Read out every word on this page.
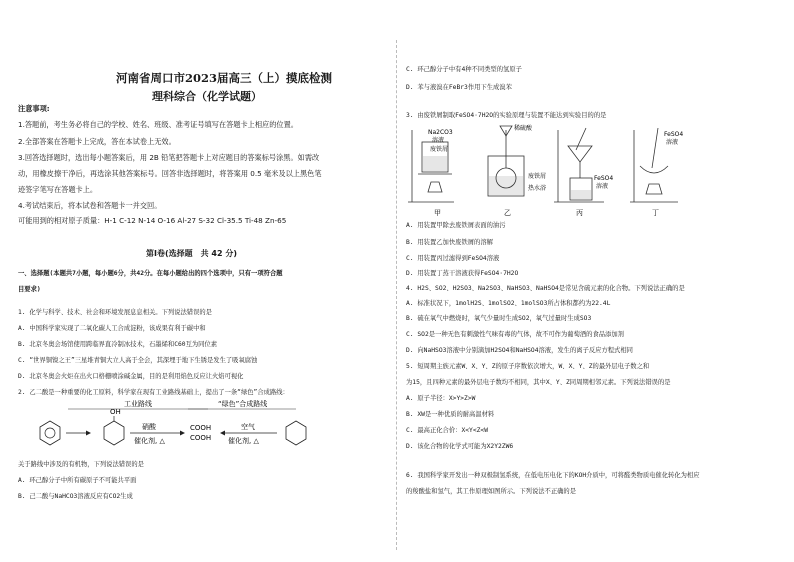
河南省周口市2023届高三（上）摸底检测
理科综合（化学试题）
注意事项:
1.答题前，考生务必将自己的学校、姓名、班级、准考证号填写在答题卡上相应的位置。
2.全部答案在答题卡上完成，答在本试卷上无效。
3.回答选择题时，选出每小题答案后，用 2B 铅笔把答题卡上对应题目的答案标号涂黑。如需改
动，用橡皮擦干净后，再选涂其他答案标号。回答非选择题时，将答案用 0.5 毫米及以上黑色笔
迹签字笔写在答题卡上。
4.考试结束后，将本试卷和答题卡一并交回。
可能用到的相对原子质量：H-1 C-12 N-14 O-16 Al-27 S-32 Cl-35.5 Ti-48 Zn-65
第Ⅰ卷(选择题　共 42 分)
一、选择题(本题共7小题，每小题6分，共42分。在每小题给出的四个选项中，只有一项符合题
目要求)
1. 化学与科学、技术、社会和环境发展息息相关。下列说法错误的是
A. 中国科学家实现了二氧化碳人工合成淀粉，该成果有利于碳中和
B. 北京冬奥会场馆使用跨临界直冷制冰技术，石墨烯和C60互为同位素
C. “世界铜镍之王”三星堆青铜大立人高于全会，其深埋于地下生锈是发生了吸氧腐蚀
D. 北京冬奥会火炬在出火口格栅喷涂碱金属，目的是利用焰色反应让火焰可视化
2. 乙二酸是一种重要的化工原料，科学家在现有工业路线基础上，提出了一条“绿色”合成路线：
工业路线	“绿色”合成路线
OH
硝酸
催化剂, △
COOH
COOH
空气
催化剂, △
关于路线中涉及的有机物，下列说法错误的是
A. 环己醇分子中所有碳原子不可能共平面
B. 己二酸与NaHCO3溶液反应有CO2生成
C. 环己醇分子中有4种不同类型的氢原子
D. 苯与液溴在FeBr3作用下生成溴苯
3. 由废铁屑制取FeSO4·7H2O的实验原理与装置不能达到实验目的的是
Na2CO3
溶液
废铁屑
甲
稀硫酸
废铁屑
热水浴
乙
FeSO4
溶液
丙
FeSO4
溶液
丁
A. 用装置甲除去废铁屑表面的油污
B. 用装置乙加快废铁屑的溶解
C. 用装置丙过滤得到FeSO4溶液
D. 用装置丁蒸干溶液获得FeSO4·7H2O
4. H2S、SO2、H2SO3、Na2SO3、NaHSO3、NaHSO4是常见含硫元素的化合物。下列说法正确的是
A. 标准状况下，1molH2S、1molSO2、1molSO3所占体积都约为22.4L
B. 硫在氧气中燃烧时，氧气少量时生成SO2，氧气过量时生成SO3
C. SO2是一种无色有刺激性气味有毒的气体，故不可作为葡萄酒的食品添加剂
D. 向NaHSO3溶液中分别滴加H2SO4和NaHSO4溶液，发生的离子反应方程式相同
5. 短周期主族元素W、X、Y、Z的原子序数依次增大，W、X、Y、Z的最外层电子数之和
为15，且四种元素的最外层电子数均不相同，其中X、Y、Z同周期相邻元素。下列说法错误的是
A. 原子半径：X>Y>Z>W
B. XW是一种优质的耐高温材料
C. 最高正化合价：X<Y<Z<W
D. 该化合物的化学式可能为X2Y2ZW6
6. 我国科学家开发出一种双极制氢系统，在低电压电化下的KOH介质中，可将醛类物质电催化转化为相应
的羧酸盐和氢气，其工作原理如图所示。下列说法不正确的是
